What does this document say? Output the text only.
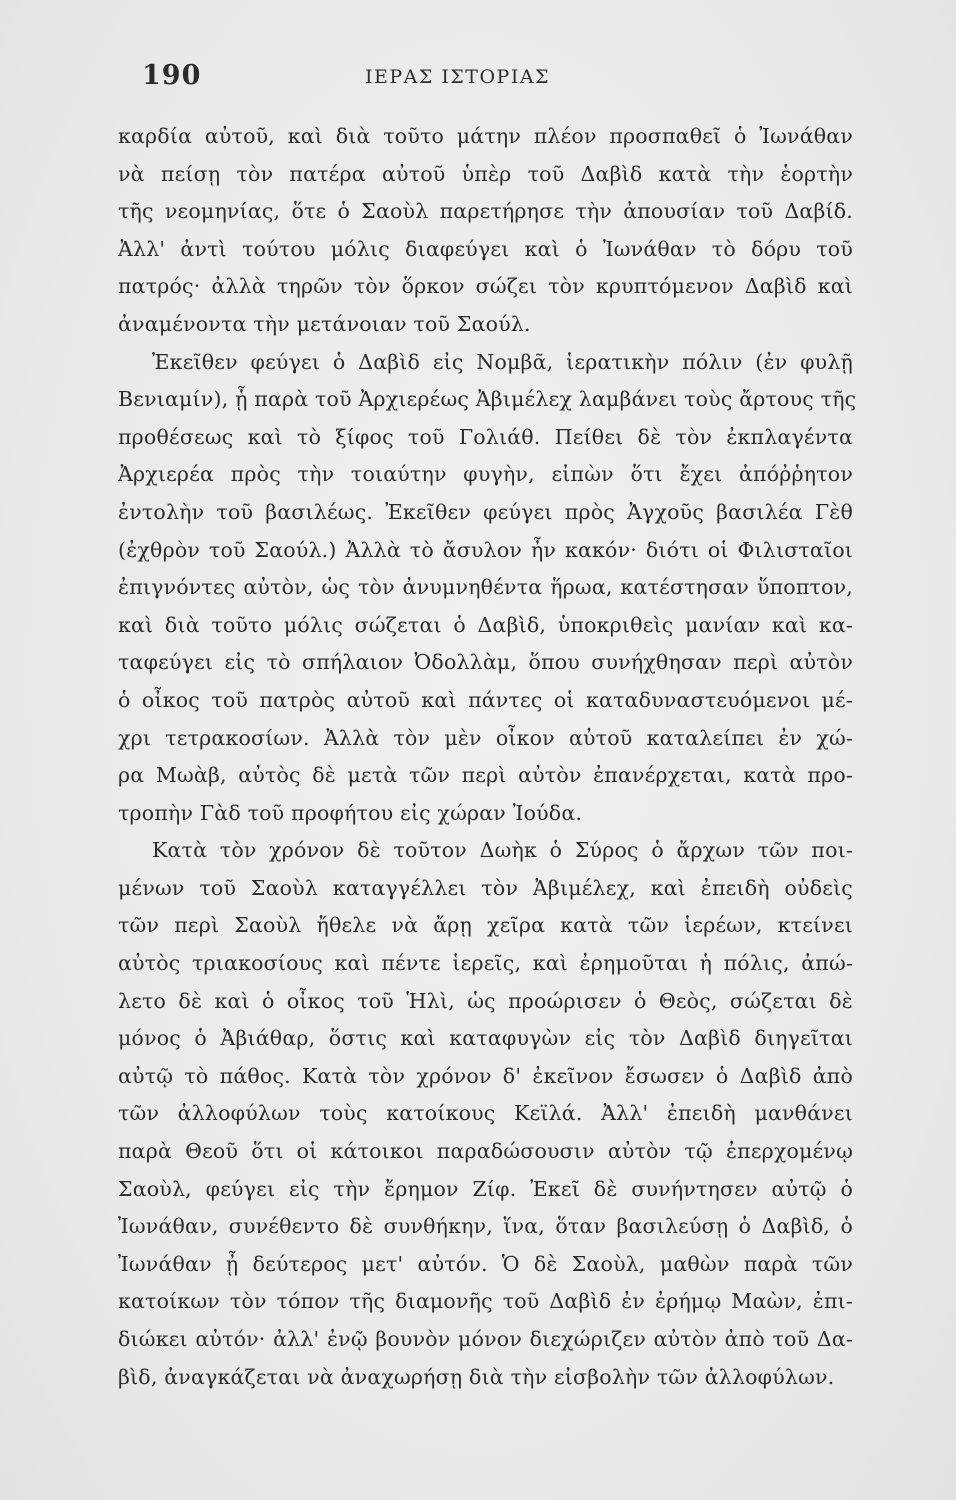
190	ΙΕΡΑΣ ΙΣΤΟΡΙΑΣ
καρδία αὐτοῦ, καὶ διὰ τοῦτο μάτην πλέον προσπαθεῖ ὁ Ἰωνάθαν
νὰ πείσῃ τὸν πατέρα αὐτοῦ ὑπὲρ τοῦ Δαβὶδ κατὰ τὴν ἑορτὴν
τῆς νεομηνίας, ὅτε ὁ Σαοὺλ παρετήρησε τὴν ἀπουσίαν τοῦ Δαβίδ.
Ἀλλ' ἀντὶ τούτου μόλις διαφεύγει καὶ ὁ Ἰωνάθαν τὸ δόρυ τοῦ
πατρός· ἀλλὰ τηρῶν τὸν ὅρκον σώζει τὸν κρυπτόμενον Δαβὶδ καὶ
ἀναμένοντα τὴν μετάνοιαν τοῦ Σαούλ.
Ἐκεῖθεν φεύγει ὁ Δαβὶδ εἰς Νομβᾶ, ἱερατικὴν πόλιν (ἐν φυλῇ
Βενιαμίν), ᾗ παρὰ τοῦ Ἀρχιερέως Ἀβιμέλεχ λαμβάνει τοὺς ἄρτους τῆς
προθέσεως καὶ τὸ ξίφος τοῦ Γολιάθ. Πείθει δὲ τὸν ἐκπλαγέντα
Ἀρχιερέα πρὸς τὴν τοιαύτην φυγὴν, εἰπὼν ὅτι ἔχει ἀπόῤῥητον
ἐντολὴν τοῦ βασιλέως. Ἐκεῖθεν φεύγει πρὸς Ἀγχοῦς βασιλέα Γὲθ
(ἐχθρὸν τοῦ Σαούλ.) Ἀλλὰ τὸ ἄσυλον ἦν κακόν· διότι οἱ Φιλισταῖοι
ἐπιγνόντες αὐτὸν, ὡς τὸν ἀνυμνηθέντα ἥρωα, κατέστησαν ὕποπτον,
καὶ διὰ τοῦτο μόλις σώζεται ὁ Δαβὶδ, ὑποκριθεὶς μανίαν καὶ κα-
ταφεύγει εἰς τὸ σπήλαιον Ὀδολλὰμ, ὅπου συνήχθησαν περὶ αὐτὸν
ὁ οἶκος τοῦ πατρὸς αὐτοῦ καὶ πάντες οἱ καταδυναστευόμενοι μέ-
χρι τετρακοσίων. Ἀλλὰ τὸν μὲν οἶκον αὐτοῦ καταλείπει ἐν χώ-
ρα Μωὰβ, αὐτὸς δὲ μετὰ τῶν περὶ αὐτὸν ἐπανέρχεται, κατὰ προ-
τροπὴν Γὰδ τοῦ προφήτου εἰς χώραν Ἰούδα.
Κατὰ τὸν χρόνον δὲ τοῦτον Δωὴκ ὁ Σύρος ὁ ἄρχων τῶν ποι-
μένων τοῦ Σαοὺλ καταγγέλλει τὸν Ἀβιμέλεχ, καὶ ἐπειδὴ οὐδεὶς
τῶν περὶ Σαοὺλ ἤθελε νὰ ἄρῃ χεῖρα κατὰ τῶν ἱερέων, κτείνει
αὐτὸς τριακοσίους καὶ πέντε ἱερεῖς, καὶ ἐρημοῦται ἡ πόλις, ἀπώ-
λετο δὲ καὶ ὁ οἶκος τοῦ Ἡλὶ, ὡς προώρισεν ὁ Θεὸς, σώζεται δὲ
μόνος ὁ Ἀβιάθαρ, ὅστις καὶ καταφυγὼν εἰς τὸν Δαβὶδ διηγεῖται
αὐτῷ τὸ πάθος. Κατὰ τὸν χρόνον δ' ἐκεῖνον ἔσωσεν ὁ Δαβὶδ ἀπὸ
τῶν ἀλλοφύλων τοὺς κατοίκους Κεϊλά. Ἀλλ' ἐπειδὴ μανθάνει
παρὰ Θεοῦ ὅτι οἱ κάτοικοι παραδώσουσιν αὐτὸν τῷ ἐπερχομένῳ
Σαοὺλ, φεύγει εἰς τὴν ἔρημον Ζίφ. Ἐκεῖ δὲ συνήντησεν αὐτῷ ὁ
Ἰωνάθαν, συνέθεντο δὲ συνθήκην, ἵνα, ὅταν βασιλεύσῃ ὁ Δαβὶδ, ὁ
Ἰωνάθαν ᾖ δεύτερος μετ' αὐτόν. Ὁ δὲ Σαοὺλ, μαθὼν παρὰ τῶν
κατοίκων τὸν τόπον τῆς διαμονῆς τοῦ Δαβὶδ ἐν ἐρήμῳ Μαὼν, ἐπι-
διώκει αὐτόν· ἀλλ' ἐνῷ βουνὸν μόνον διεχώριζεν αὐτὸν ἀπὸ τοῦ Δα-
βὶδ, ἀναγκάζεται νὰ ἀναχωρήσῃ διὰ τὴν εἰσβολὴν τῶν ἀλλοφύλων.
